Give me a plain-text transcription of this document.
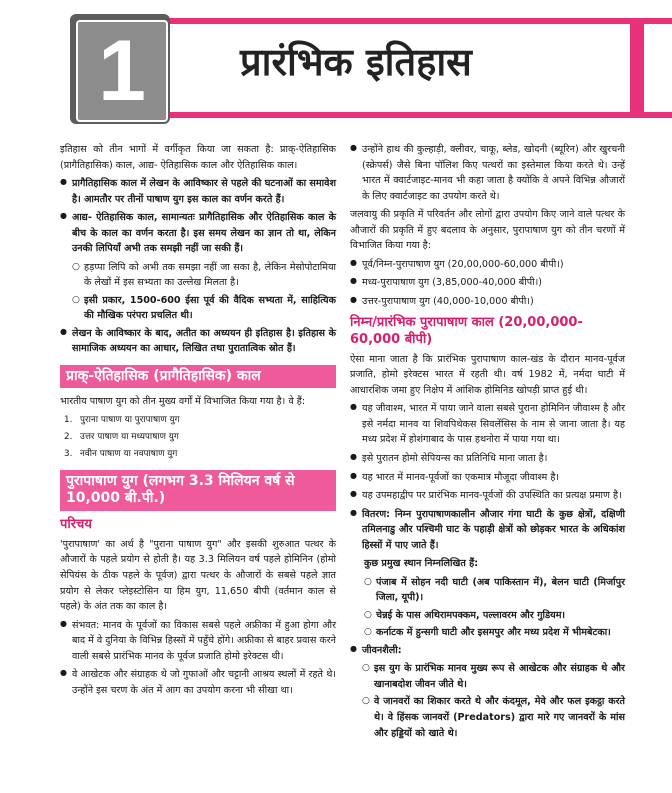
1 प्रारंभिक इतिहास

इतिहास को तीन भागों में वर्गीकृत किया जा सकता है: प्राक्-ऐतिहासिक (प्रागैतिहासिक) काल, आद्य- ऐतिहासिक काल और ऐतिहासिक काल।

● प्रागैतिहासिक काल में लेखन के आविष्कार से पहले की घटनाओं का समावेश है। आमतौर पर तीनों पाषाण युग इस काल का वर्णन करते हैं।
● आद्य- ऐतिहासिक काल, सामान्यतः प्रागैतिहासिक और ऐतिहासिक काल के बीच के काल का वर्णन करता है। इस समय लेखन का ज्ञान तो था, लेकिन उनकी लिपियाँ अभी तक समझी नहीं जा सकी हैं।
○ हड़प्पा लिपि को अभी तक समझा नहीं जा सका है, लेकिन मेसोपोटामिया के लेखों में इस सभ्यता का उल्लेख मिलता है।
○ इसी प्रकार, 1500-600 ईसा पूर्व की वैदिक सभ्यता में, साहित्यिक की मौखिक परंपरा प्रचलित थी।
● लेखन के आविष्कार के बाद, अतीत का अध्ययन ही इतिहास है। इतिहास के सामाजिक अध्ययन का आधार, लिखित तथा पुरातात्विक स्रोत हैं।
प्राक्-ऐतिहासिक (प्रागैतिहासिक) काल

भारतीय पाषाण युग को तीन मुख्य वर्गों में विभाजित किया गया है। वे हैं:

1. पुराना पाषाण या पुरापाषाण युग
2. उत्तर पाषाण या मध्यपाषाण युग
3. नवीन पाषाण या नवपाषाण युग
पुरापाषाण युग (लगभग 3.3 मिलियन वर्ष से 10,000 बी.पी.)
परिचय

'पुरापाषाण' का अर्थ है "पुराना पाषाण युग" और इसकी शुरुआत पत्थर के औजारों के पहले प्रयोग से होती है। यह 3.3 मिलियन वर्ष पहले होमिनिन (होमो सेपियंस के ठीक पहले के पूर्वज) द्वारा पत्थर के औजारों के सबसे पहले ज्ञात प्रयोग से लेकर प्लेइस्टोसिन या हिम युग, 11,650 बीपी (वर्तमान काल से पहले) के अंत तक का काल है।

● संभवत: मानव के पूर्वजों का विकास सबसे पहले अफ्रीका में हुआ होगा और बाद में वे दुनिया के विभिन्न हिस्सों में पहुँचे होंगे। अफ्रीका से बाहर प्रवास करने वाली सबसे प्रारंभिक मानव के पूर्वज प्रजाति होमो इरेक्टस थी।
● वे आखेटक और संग्राहक थे जो गुफाओं और चट्टानी आश्रय स्थलों में रहते थे। उन्होंने इस चरण के अंत में आग का उपयोग करना भी सीखा था।
● उन्होंने हाथ की कुल्हाड़ी, क्लीवर, चाकू, ब्लेड, खोदनी (ब्यूरिन) और खुरचनी (स्क्रेपर्स) जैसे बिना पॉलिश किए पत्थरों का इस्तेमाल किया करते थे। उन्हें भारत में क्वार्टजाइट-मानव भी कहा जाता है क्योंकि वे अपने विभिन्न औजारों के लिए क्वार्टजाइट का उपयोग करते थे।

जलवायु की प्रकृति में परिवर्तन और लोगों द्वारा उपयोग किए जाने वाले पत्थर के औजारों की प्रकृति में हुए बदलाव के अनुसार, पुरापाषाण युग को तीन चरणों में विभाजित किया गया है:

● पूर्व/निम्न-पुरापाषाण युग (20,00,000-60,000 बीपी।)
● मध्य-पुरापाषाण युग (3,85,000-40,000 बीपी।)
● उत्तर-पुरापाषाण युग (40,000-10,000 बीपी।)
निम्न/प्रारंभिक पुरापाषाण काल (20,00,000-60,000 बीपी)

ऐसा माना जाता है कि प्रारंभिक पुरापाषाण काल-खंड के दौरान मानव-पूर्वज प्रजाति, होमो इरेक्टस भारत में रहती थी। वर्ष 1982 में, नर्मदा घाटी में आधारशिक जमा हुए निक्षेप में आंशिक होमिनिड खोपड़ी प्राप्त हुई थी।

● यह जीवाश्म, भारत में पाया जाने वाला सबसे पुराना होमिनिन जीवाश्म है और इसे नर्मदा मानव या शिवपिथेकस सिवलेंसिस के नाम से जाना जाता है। यह मध्य प्रदेश में होशंगाबाद के पास हथनोरा में पाया गया था।
● इसे पुरातन होमो सेपियन्स का प्रतिनिधि माना जाता है।
● यह भारत में मानव-पूर्वजों का एकमात्र मौजूदा जीवाश्म है।
● यह उपमहाद्वीप पर प्रारंभिक मानव-पूर्वजों की उपस्थिति का प्रत्यक्ष प्रमाण है।
● वितरण: निम्न पुरापाषाणकालीन औजार गंगा घाटी के कुछ क्षेत्रों, दक्षिणी तमिलनाडु और पश्चिमी घाट के पहाड़ी क्षेत्रों को छोड़कर भारत के अधिकांश हिस्सों में पाए जाते हैं।

कुछ प्रमुख स्थान निम्नलिखित हैं:

○ पंजाब में सोहन नदी घाटी (अब पाकिस्तान में), बेलन घाटी (मिर्जापुर जिला, यूपी)।
○ चेन्नई के पास अथिरामपक्कम, पल्लावरम और गुडियम।
○ कर्नाटक में हुन्सगी घाटी और इसमपुर और मध्य प्रदेश में भीमबेटका।
● जीवनशैली:
○ इस युग के प्रारंभिक मानव मुख्य रूप से आखेटक और संग्राहक थे और खानाबदोश जीवन जीते थे।
○ वे जानवरों का शिकार करते थे और कंदमूल, मेवे और फल इकट्ठा करते थे। वे हिंसक जानवरों (Predators) द्वारा मारे गए जानवरों के मांस और हड्डियों को खाते थे।
